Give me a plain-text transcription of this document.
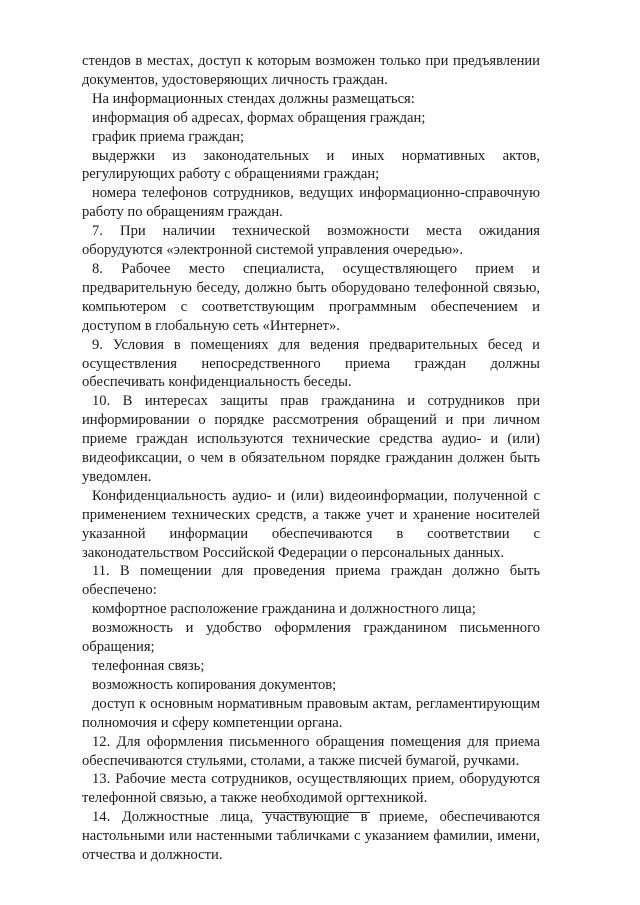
стендов в местах, доступ к которым возможен только при предъявлении документов, удостоверяющих личность граждан.

На информационных стендах должны размещаться:

информация об адресах, формах обращения граждан;

график приема граждан;

выдержки из законодательных и иных нормативных актов, регулирующих работу с обращениями граждан;

номера телефонов сотрудников, ведущих информационно-справочную работу по обращениям граждан.

7. При наличии технической возможности места ожидания оборудуются «электронной системой управления очередью».

8. Рабочее место специалиста, осуществляющего прием и предварительную беседу, должно быть оборудовано телефонной связью, компьютером с соответствующим программным обеспечением и доступом в глобальную сеть «Интернет».

9. Условия в помещениях для ведения предварительных бесед и осуществления непосредственного приема граждан должны обеспечивать конфиденциальность беседы.

10. В интересах защиты прав гражданина и сотрудников при информировании о порядке рассмотрения обращений и при личном приеме граждан используются технические средства аудио- и (или) видеофиксации, о чем в обязательном порядке гражданин должен быть уведомлен.

Конфиденциальность аудио- и (или) видеоинформации, полученной с применением технических средств, а также учет и хранение носителей указанной информации обеспечиваются в соответствии с законодательством Российской Федерации о персональных данных.

11. В помещении для проведения приема граждан должно быть обеспечено:

комфортное расположение гражданина и должностного лица;

возможность и удобство оформления гражданином письменного обращения;

телефонная связь;

возможность копирования документов;

доступ к основным нормативным правовым актам, регламентирующим полномочия и сферу компетенции органа.

12. Для оформления письменного обращения помещения для приема обеспечиваются стульями, столами, а также писчей бумагой, ручками.

13. Рабочие места сотрудников, осуществляющих прием, оборудуются телефонной связью, а также необходимой оргтехникой.

14. Должностные лица, участвующие в приеме, обеспечиваются настольными или настенными табличками с указанием фамилии, имени, отчества и должности.
